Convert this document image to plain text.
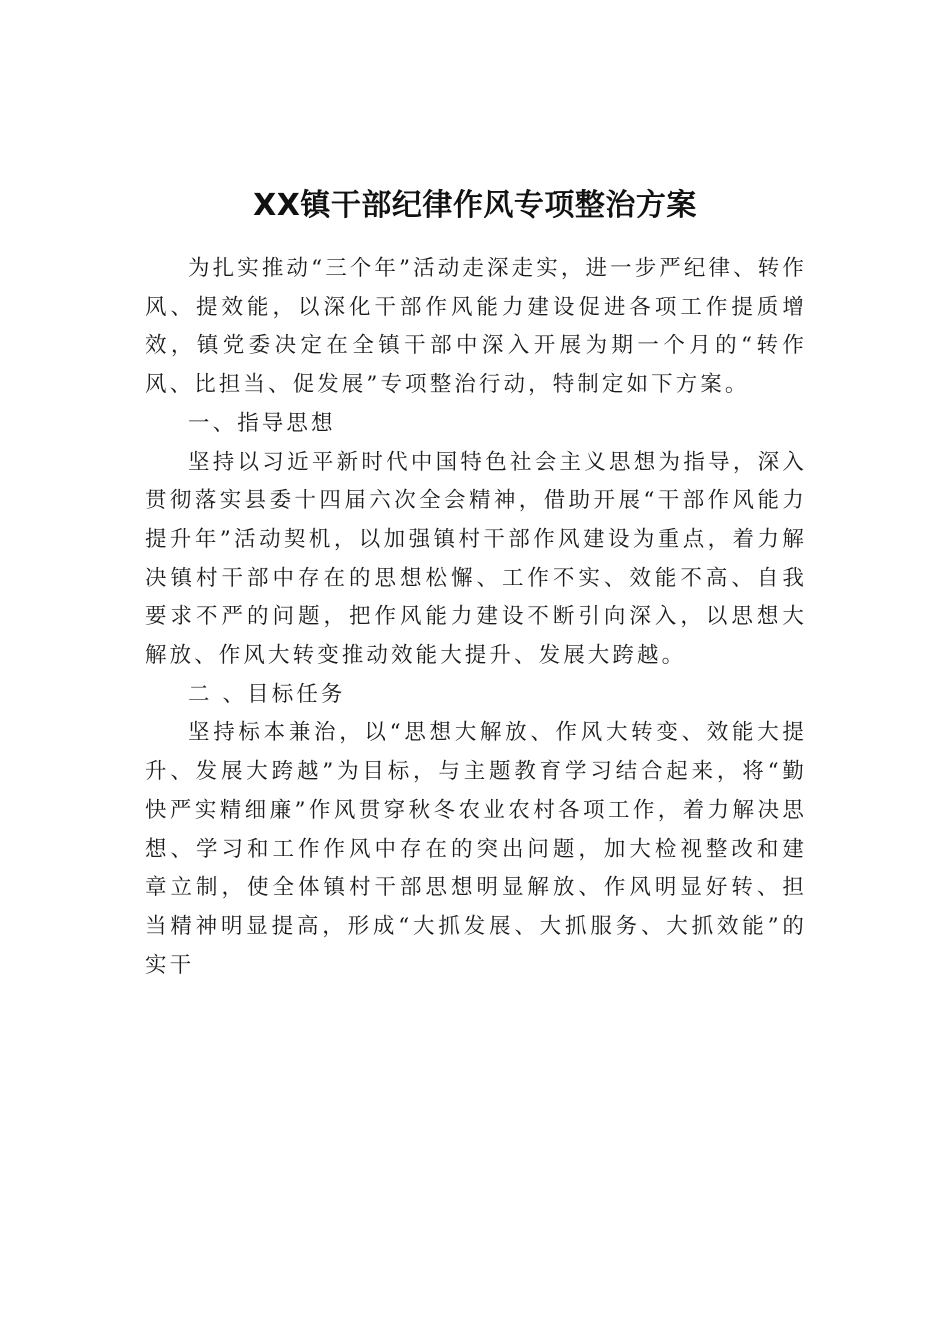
XX镇干部纪律作风专项整治方案

为扎实推动“三个年”活动走深走实，进一步严纪律、转作风、提效能，以深化干部作风能力建设促进各项工作提质增效，镇党委决定在全镇干部中深入开展为期一个月的“转作风、比担当、促发展”专项整治行动，特制定如下方案。

一、指导思想

坚持以习近平新时代中国特色社会主义思想为指导，深入贯彻落实县委十四届六次全会精神，借助开展“干部作风能力提升年”活动契机，以加强镇村干部作风建设为重点，着力解决镇村干部中存在的思想松懈、工作不实、效能不高、自我要求不严的问题，把作风能力建设不断引向深入，以思想大解放、作风大转变推动效能大提升、发展大跨越。

二 、目标任务

坚持标本兼治，以“思想大解放、作风大转变、效能大提升、发展大跨越”为目标，与主题教育学习结合起来，将“勤快严实精细廉”作风贯穿秋冬农业农村各项工作，着力解决思想、学习和工作作风中存在的突出问题，加大检视整改和建章立制，使全体镇村干部思想明显解放、作风明显好转、担当精神明显提高，形成“大抓发展、大抓服务、大抓效能”的实干
